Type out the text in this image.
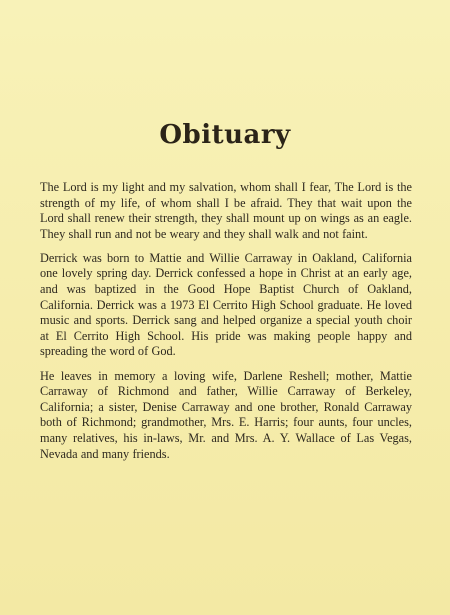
Obituary

The Lord is my light and my salvation, whom shall I fear, The Lord is the strength of my life, of whom shall I be afraid. They that wait upon the Lord shall renew their strength, they shall mount up on wings as an eagle. They shall run and not be weary and they shall walk and not faint.

Derrick was born to Mattie and Willie Carraway in Oakland, California one lovely spring day. Derrick confessed a hope in Christ at an early age, and was baptized in the Good Hope Baptist Church of Oakland, California. Derrick was a 1973 El Cerrito High School graduate. He loved music and sports. Derrick sang and helped organize a special youth choir at El Cerrito High School. His pride was making people happy and spreading the word of God.

He leaves in memory a loving wife, Darlene Reshell; mother, Mattie Carraway of Richmond and father, Willie Carraway of Berkeley, California; a sister, Denise Carraway and one brother, Ronald Carraway both of Richmond; grandmother, Mrs. E. Harris; four aunts, four uncles, many relatives, his in-laws, Mr. and Mrs. A. Y. Wallace of Las Vegas, Nevada and many friends.
